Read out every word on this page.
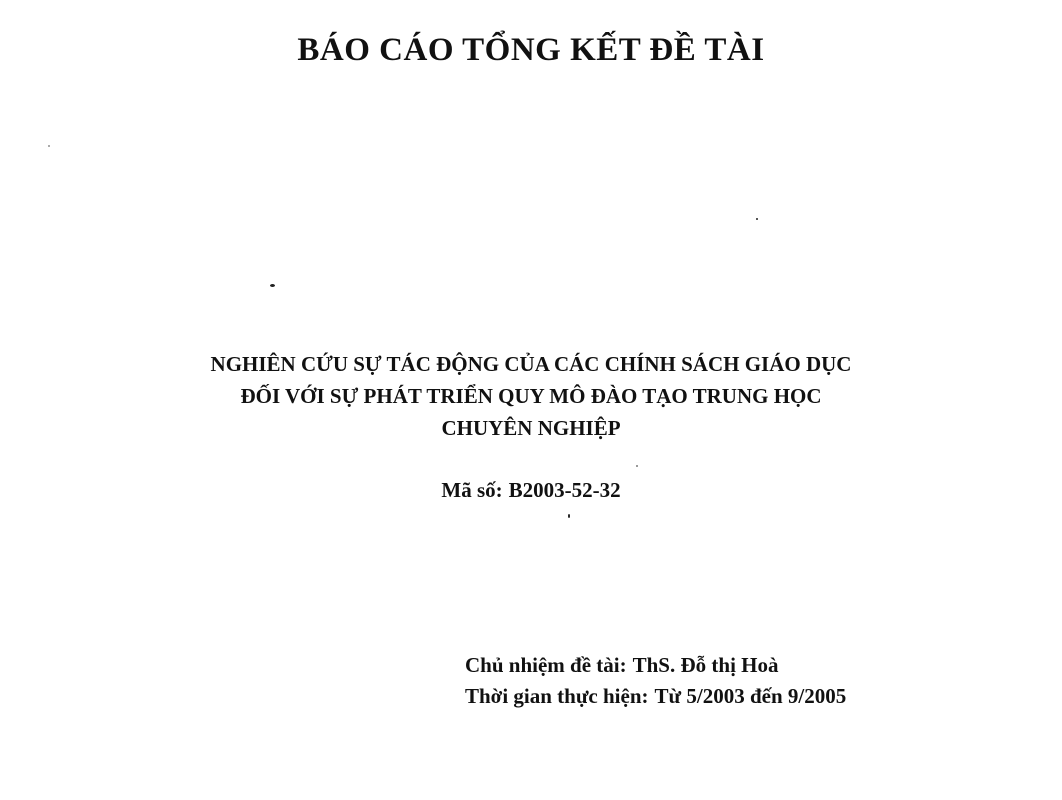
BÁO CÁO TỔNG KẾT ĐỀ TÀI
NGHIÊN CỨU SỰ TÁC ĐỘNG CỦA CÁC CHÍNH SÁCH GIÁO DỤC
ĐỐI VỚI SỰ PHÁT TRIỂN QUY MÔ ĐÀO TẠO TRUNG HỌC
CHUYÊN NGHIỆP
Mã số: B2003-52-32
Chủ nhiệm đề tài: ThS. Đỗ thị Hoà
Thời gian thực hiện: Từ 5/2003 đến 9/2005
